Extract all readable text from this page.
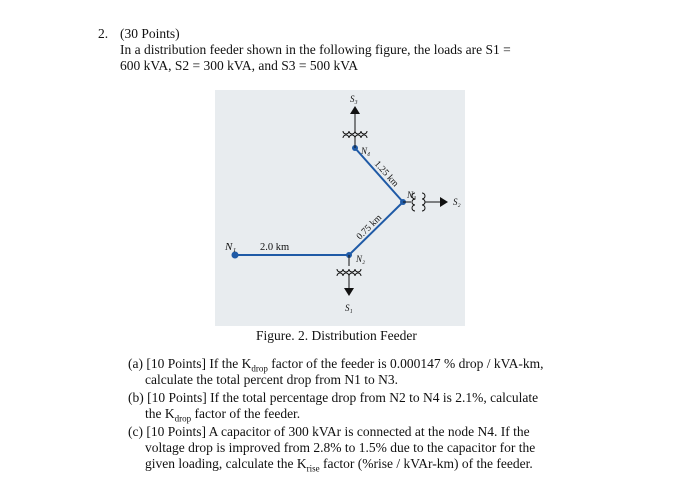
2. (30 Points)
In a distribution feeder shown in the following figure, the loads are S1 =
600 kVA, S2 = 300 kVA, and S3 = 500 kVA
N₁ 2.0 km
N₂
N₃
N₄
S₃
S₂
S₁
0.75 km
1.25 km
Figure. 2. Distribution Feeder
(a) [10 Points] If the $K_{drop}$ factor of the feeder is 0.000147 % drop / kVA-km,
calculate the total percent drop from N1 to N3.
(b) [10 Points] If the total percentage drop from N2 to N4 is 2.1%, calculate
the $K_{drop}$ factor of the feeder.
(c) [10 Points] A capacitor of 300 kVAr is connected at the node N4. If the
voltage drop is improved from 2.8% to 1.5% due to the capacitor for the
given loading, calculate the $K_{rise}$ factor (%rise / kVAr-km) of the feeder.
